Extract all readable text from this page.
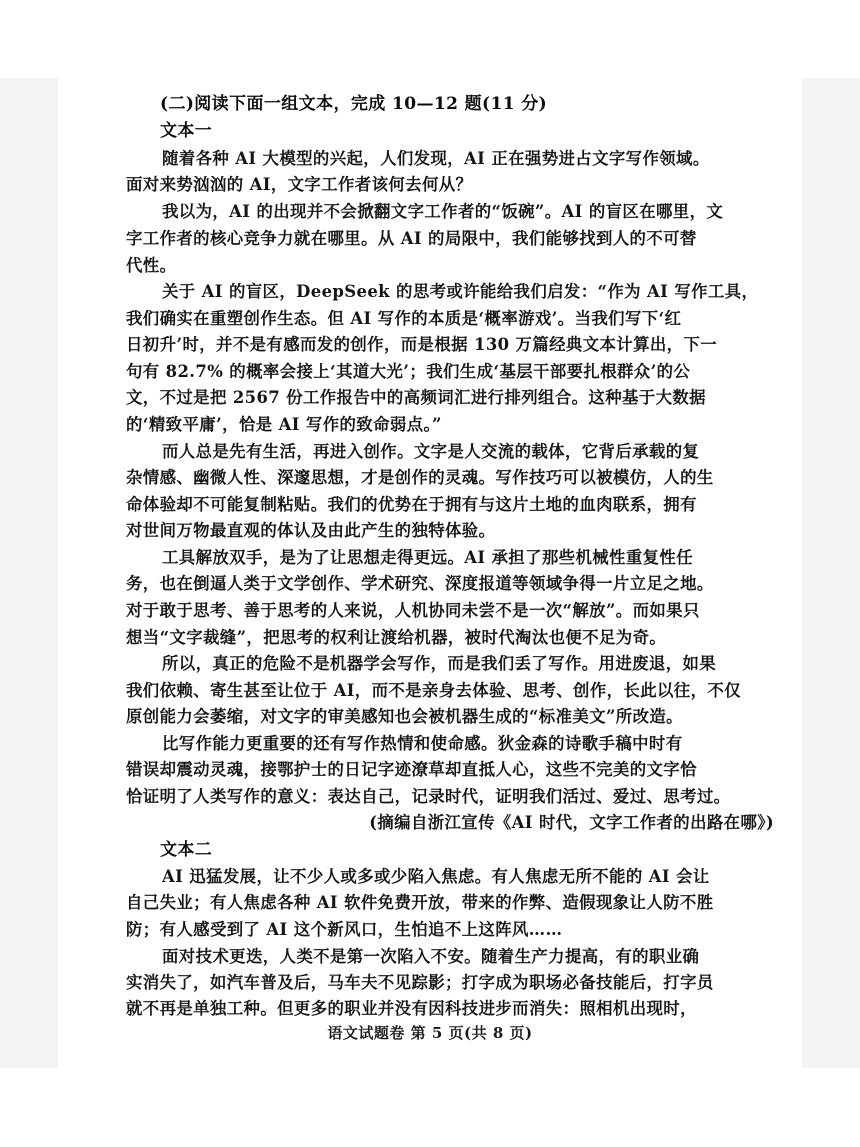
(二)阅读下面一组文本，完成 10—12 题(11 分)
文本一
随着各种 AI 大模型的兴起，人们发现，AI 正在强势进占文字写作领域。
面对来势汹汹的 AI，文字工作者该何去何从？
我以为，AI 的出现并不会掀翻文字工作者的“饭碗”。AI 的盲区在哪里，文
字工作者的核心竞争力就在哪里。从 AI 的局限中，我们能够找到人的不可替
代性。
关于 AI 的盲区，DeepSeek 的思考或许能给我们启发：“作为 AI 写作工具，
我们确实在重塑创作生态。但 AI 写作的本质是‘概率游戏’。当我们写下‘红
日初升’时，并不是有感而发的创作，而是根据 130 万篇经典文本计算出，下一
句有 82.7% 的概率会接上‘其道大光’；我们生成‘基层干部要扎根群众’的公
文，不过是把 2567 份工作报告中的高频词汇进行排列组合。这种基于大数据
的‘精致平庸’，恰是 AI 写作的致命弱点。”
而人总是先有生活，再进入创作。文字是人交流的载体，它背后承载的复
杂情感、幽微人性、深邃思想，才是创作的灵魂。写作技巧可以被模仿，人的生
命体验却不可能复制粘贴。我们的优势在于拥有与这片土地的血肉联系，拥有
对世间万物最直观的体认及由此产生的独特体验。
工具解放双手，是为了让思想走得更远。AI 承担了那些机械性重复性任
务，也在倒逼人类于文学创作、学术研究、深度报道等领域争得一片立足之地。
对于敢于思考、善于思考的人来说，人机协同未尝不是一次“解放”。而如果只
想当“文字裁缝”，把思考的权利让渡给机器，被时代淘汰也便不足为奇。
所以，真正的危险不是机器学会写作，而是我们丢了写作。用进废退，如果
我们依赖、寄生甚至让位于 AI，而不是亲身去体验、思考、创作，长此以往，不仅
原创能力会萎缩，对文字的审美感知也会被机器生成的“标准美文”所改造。
比写作能力更重要的还有写作热情和使命感。狄金森的诗歌手稿中时有
错误却震动灵魂，接鄂护士的日记字迹潦草却直抵人心，这些不完美的文字恰
恰证明了人类写作的意义：表达自己，记录时代，证明我们活过、爱过、思考过。
(摘编自浙江宣传《AI 时代，文字工作者的出路在哪》)
文本二
AI 迅猛发展，让不少人或多或少陷入焦虑。有人焦虑无所不能的 AI 会让
自己失业；有人焦虑各种 AI 软件免费开放，带来的作弊、造假现象让人防不胜
防；有人感受到了 AI 这个新风口，生怕追不上这阵风……
面对技术更迭，人类不是第一次陷入不安。随着生产力提高，有的职业确
实消失了，如汽车普及后，马车夫不见踪影；打字成为职场必备技能后，打字员
就不再是单独工种。但更多的职业并没有因科技进步而消失：照相机出现时，
语文试题卷 第 5 页(共 8 页)
